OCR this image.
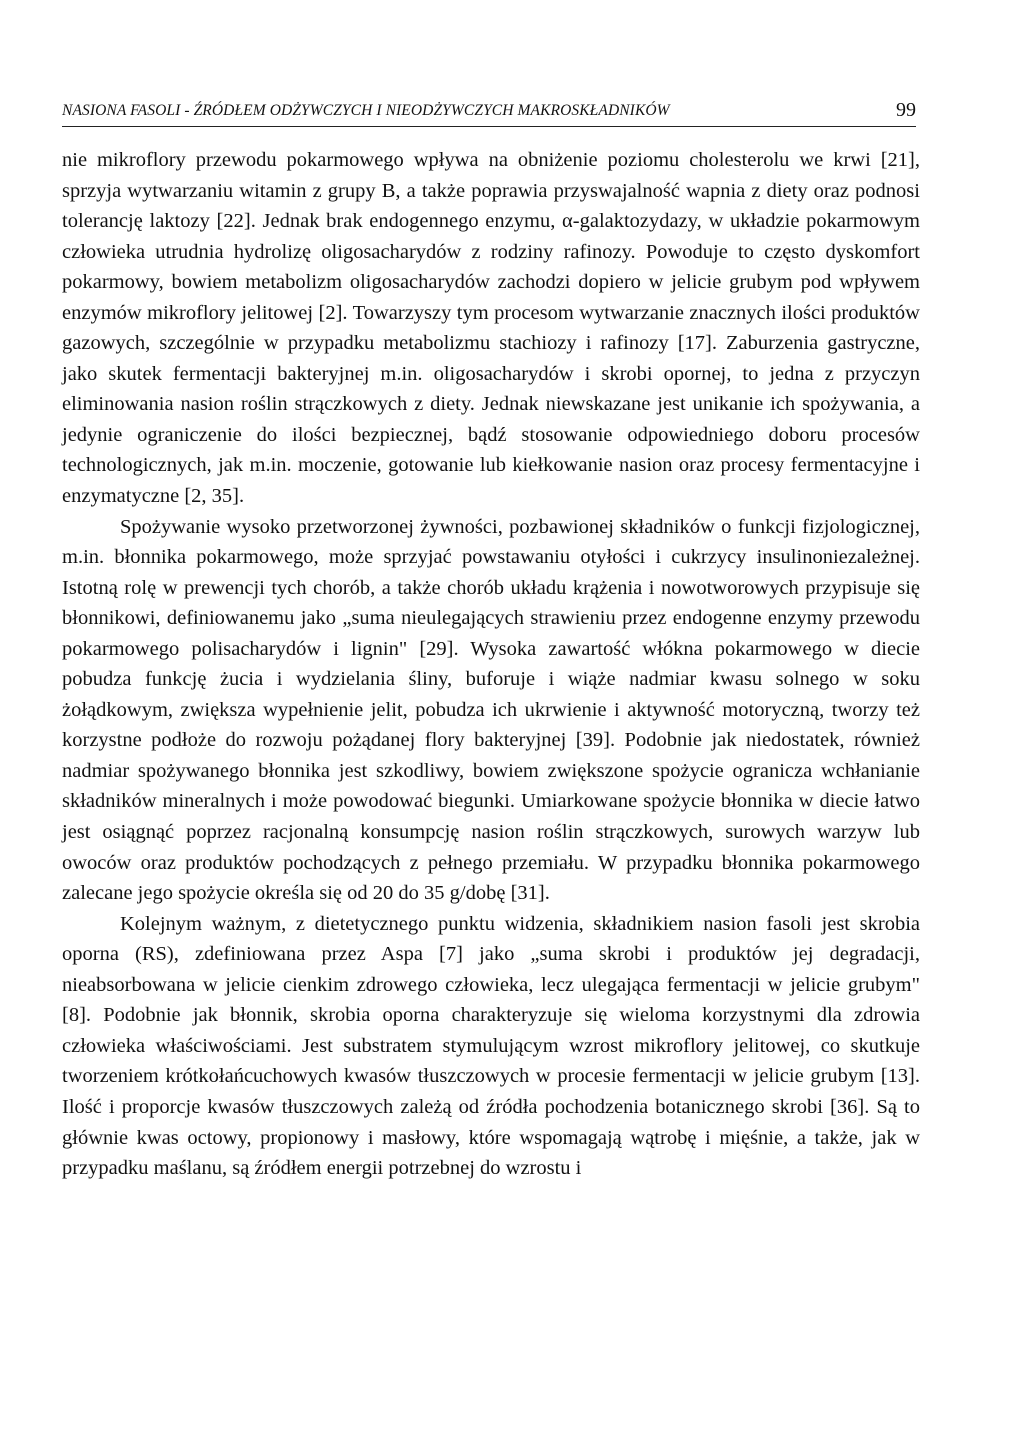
NASIONA FASOLI - ŹRÓDŁEM ODŻYWCZYCH I NIEODŻYWCZYCH MAKROSKŁADNIKÓW	99

nie mikroflory przewodu pokarmowego wpływa na obniżenie poziomu cholesterolu we krwi [21], sprzyja wytwarzaniu witamin z grupy B, a także poprawia przyswajalność wapnia z diety oraz podnosi tolerancję laktozy [22]. Jednak brak endogennego enzymu, α-galaktozydazy, w układzie pokarmowym człowieka utrudnia hydrolizę oligosacharydów z rodziny rafinozy. Powoduje to często dyskomfort pokarmowy, bowiem metabolizm oligosacharydów zachodzi dopiero w jelicie grubym pod wpływem enzymów mikroflory jelitowej [2]. Towarzyszy tym procesom wytwarzanie znacznych ilości produktów gazowych, szczególnie w przypadku metabolizmu stachiozy i rafinozy [17]. Zaburzenia gastryczne, jako skutek fermentacji bakteryjnej m.in. oligosacharydów i skrobi opornej, to jedna z przyczyn eliminowania nasion roślin strączkowych z diety. Jednak niewskazane jest unikanie ich spożywania, a jedynie ograniczenie do ilości bezpiecznej, bądź stosowanie odpowiedniego doboru procesów technologicznych, jak m.in. moczenie, gotowanie lub kiełkowanie nasion oraz procesy fermentacyjne i enzymatyczne [2, 35].

Spożywanie wysoko przetworzonej żywności, pozbawionej składników o funkcji fizjologicznej, m.in. błonnika pokarmowego, może sprzyjać powstawaniu otyłości i cukrzycy insulinoniezależnej. Istotną rolę w prewencji tych chorób, a także chorób układu krążenia i nowotworowych przypisuje się błonnikowi, definiowanemu jako „suma nieulegających strawieniu przez endogenne enzymy przewodu pokarmowego polisacharydów i lignin" [29]. Wysoka zawartość włókna pokarmowego w diecie pobudza funkcję żucia i wydzielania śliny, buforuje i wiąże nadmiar kwasu solnego w soku żołądkowym, zwiększa wypełnienie jelit, pobudza ich ukrwienie i aktywność motoryczną, tworzy też korzystne podłoże do rozwoju pożądanej flory bakteryjnej [39]. Podobnie jak niedostatek, również nadmiar spożywanego błonnika jest szkodliwy, bowiem zwiększone spożycie ogranicza wchłanianie składników mineralnych i może powodować biegunki. Umiarkowane spożycie błonnika w diecie łatwo jest osiągnąć poprzez racjonalną konsumpcję nasion roślin strączkowych, surowych warzyw lub owoców oraz produktów pochodzących z pełnego przemiału. W przypadku błonnika pokarmowego zalecane jego spożycie określa się od 20 do 35 g/dobę [31].

Kolejnym ważnym, z dietetycznego punktu widzenia, składnikiem nasion fasoli jest skrobia oporna (RS), zdefiniowana przez Aspa [7] jako „suma skrobi i produktów jej degradacji, nieabsorbowana w jelicie cienkim zdrowego człowieka, lecz ulegająca fermentacji w jelicie grubym" [8]. Podobnie jak błonnik, skrobia oporna charakteryzuje się wieloma korzystnymi dla zdrowia człowieka właściwościami. Jest substratem stymulującym wzrost mikroflory jelitowej, co skutkuje tworzeniem krótkołańcuchowych kwasów tłuszczowych w procesie fermentacji w jelicie grubym [13]. Ilość i proporcje kwasów tłuszczowych zależą od źródła pochodzenia botanicznego skrobi [36]. Są to głównie kwas octowy, propionowy i masłowy, które wspomagają wątrobę i mięśnie, a także, jak w przypadku maślanu, są źródłem energii potrzebnej do wzrostu i
